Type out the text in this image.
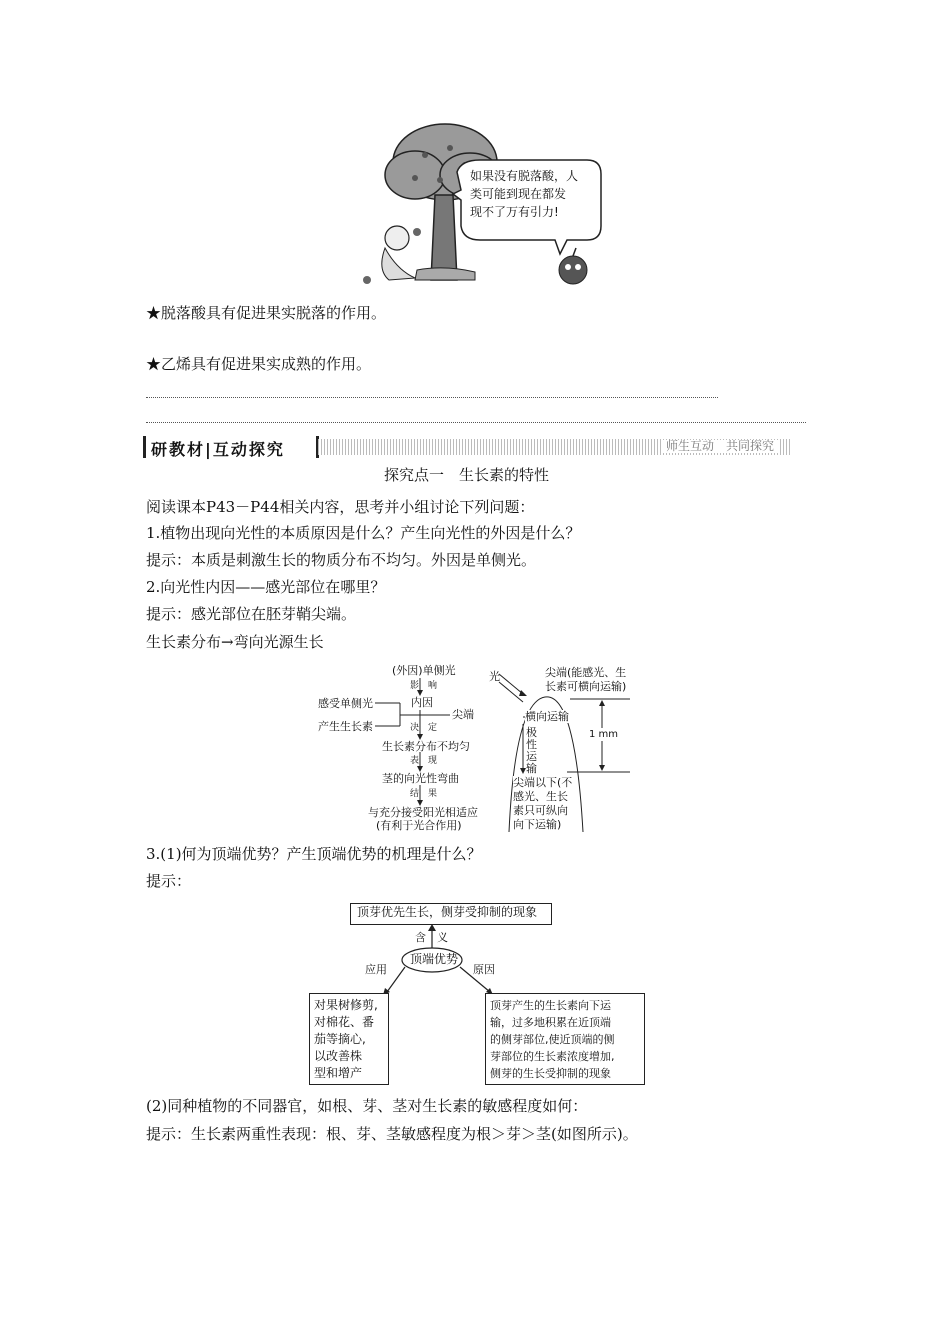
如果没有脱落酸，人
类可能到现在都发
现不了万有引力!
★脱落酸具有促进果实脱落的作用。
★乙烯具有促进果实成熟的作用。
研教材|互动探究	师生互动　共同探究
探究点一　生长素的特性
阅读课本P43－P44相关内容，思考并小组讨论下列问题：
1.植物出现向光性的本质原因是什么？产生向光性的外因是什么？
提示：本质是刺激生长的物质分布不均匀。外因是单侧光。
2.向光性内因——感光部位在哪里？
提示：感光部位在胚芽鞘尖端。
生长素分布→弯向光源生长
(外因)单侧光
影　响
内因
感受单侧光
产生生长素
尖端
决　定
生长素分布不均匀
表　现
茎的向光性弯曲
结　果
与充分接受阳光相适应
(有利于光合作用)
光	尖端(能感光、生
长素可横向运输)
横向运输
极
性
运
输
1 mm
尖端以下(不
感光、生长
素只可纵向
向下运输)
3.(1)何为顶端优势？产生顶端优势的机理是什么？
提示：
顶芽优先生长，侧芽受抑制的现象
含　义
顶端优势
应用	原因
对果树修剪,
对棉花、番
茄等摘心,
以改善株
型和增产
顶芽产生的生长素向下运
输，过多地积累在近顶端
的侧芽部位,使近顶端的侧
芽部位的生长素浓度增加,
侧芽的生长受抑制的现象
(2)同种植物的不同器官，如根、芽、茎对生长素的敏感程度如何：
提示：生长素两重性表现：根、芽、茎敏感程度为根＞芽＞茎(如图所示)。
